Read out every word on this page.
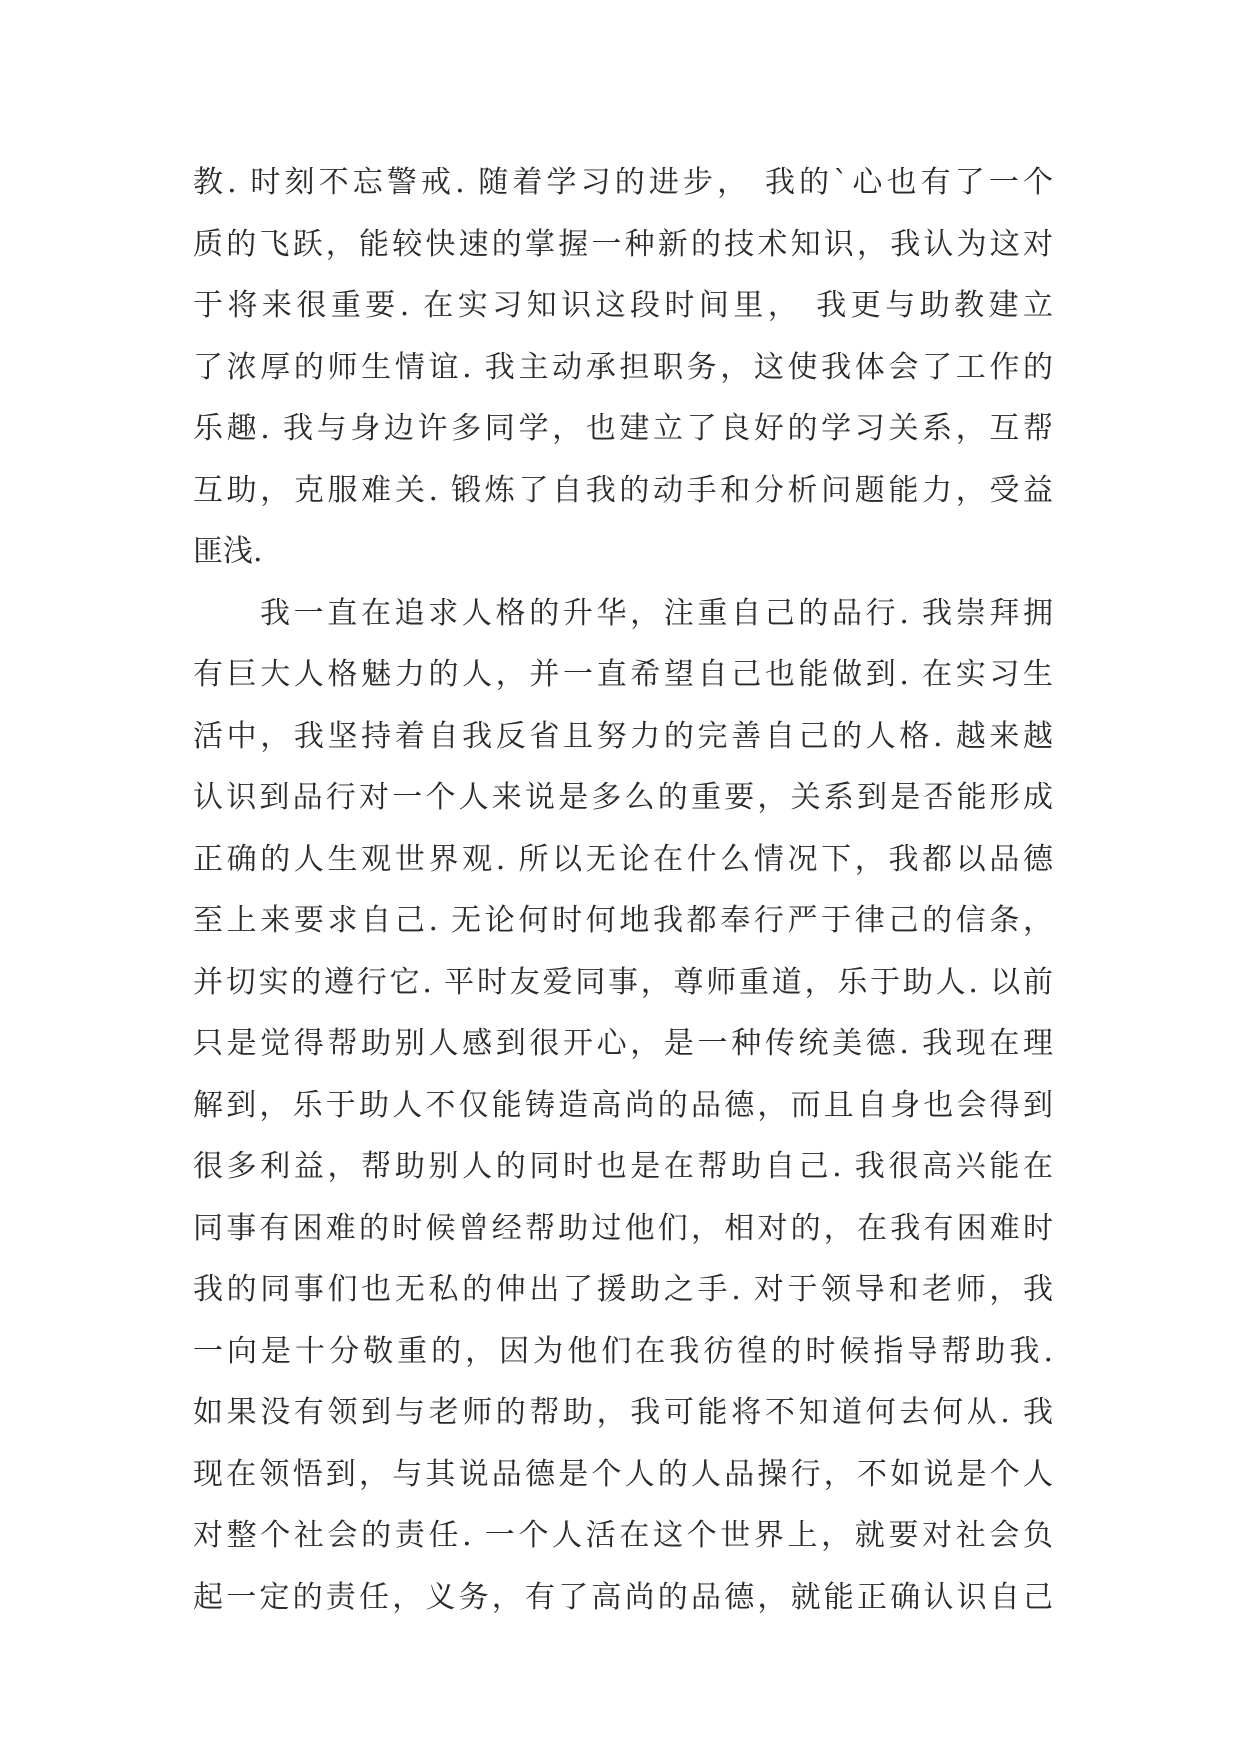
教. 时刻不忘警戒. 随着学习的进步， 我的`心也有了一个
质的飞跃，能较快速的掌握一种新的技术知识，我认为这对
于将来很重要. 在实习知识这段时间里， 我更与助教建立
了浓厚的师生情谊. 我主动承担职务，这使我体会了工作的
乐趣. 我与身边许多同学，也建立了良好的学习关系，互帮
互助，克服难关. 锻炼了自我的动手和分析问题能力，受益
匪浅.
我一直在追求人格的升华，注重自己的品行. 我崇拜拥
有巨大人格魅力的人，并一直希望自己也能做到. 在实习生
活中，我坚持着自我反省且努力的完善自己的人格. 越来越
认识到品行对一个人来说是多么的重要，关系到是否能形成
正确的人生观世界观. 所以无论在什么情况下，我都以品德
至上来要求自己. 无论何时何地我都奉行严于律己的信条，
并切实的遵行它. 平时友爱同事，尊师重道，乐于助人. 以前
只是觉得帮助别人感到很开心，是一种传统美德. 我现在理
解到，乐于助人不仅能铸造高尚的品德，而且自身也会得到
很多利益，帮助别人的同时也是在帮助自己. 我很高兴能在
同事有困难的时候曾经帮助过他们，相对的，在我有困难时
我的同事们也无私的伸出了援助之手. 对于领导和老师，我
一向是十分敬重的，因为他们在我彷徨的时候指导帮助我.
如果没有领到与老师的帮助，我可能将不知道何去何从. 我
现在领悟到，与其说品德是个人的人品操行，不如说是个人
对整个社会的责任. 一个人活在这个世界上，就要对社会负
起一定的责任，义务，有了高尚的品德，就能正确认识自己
